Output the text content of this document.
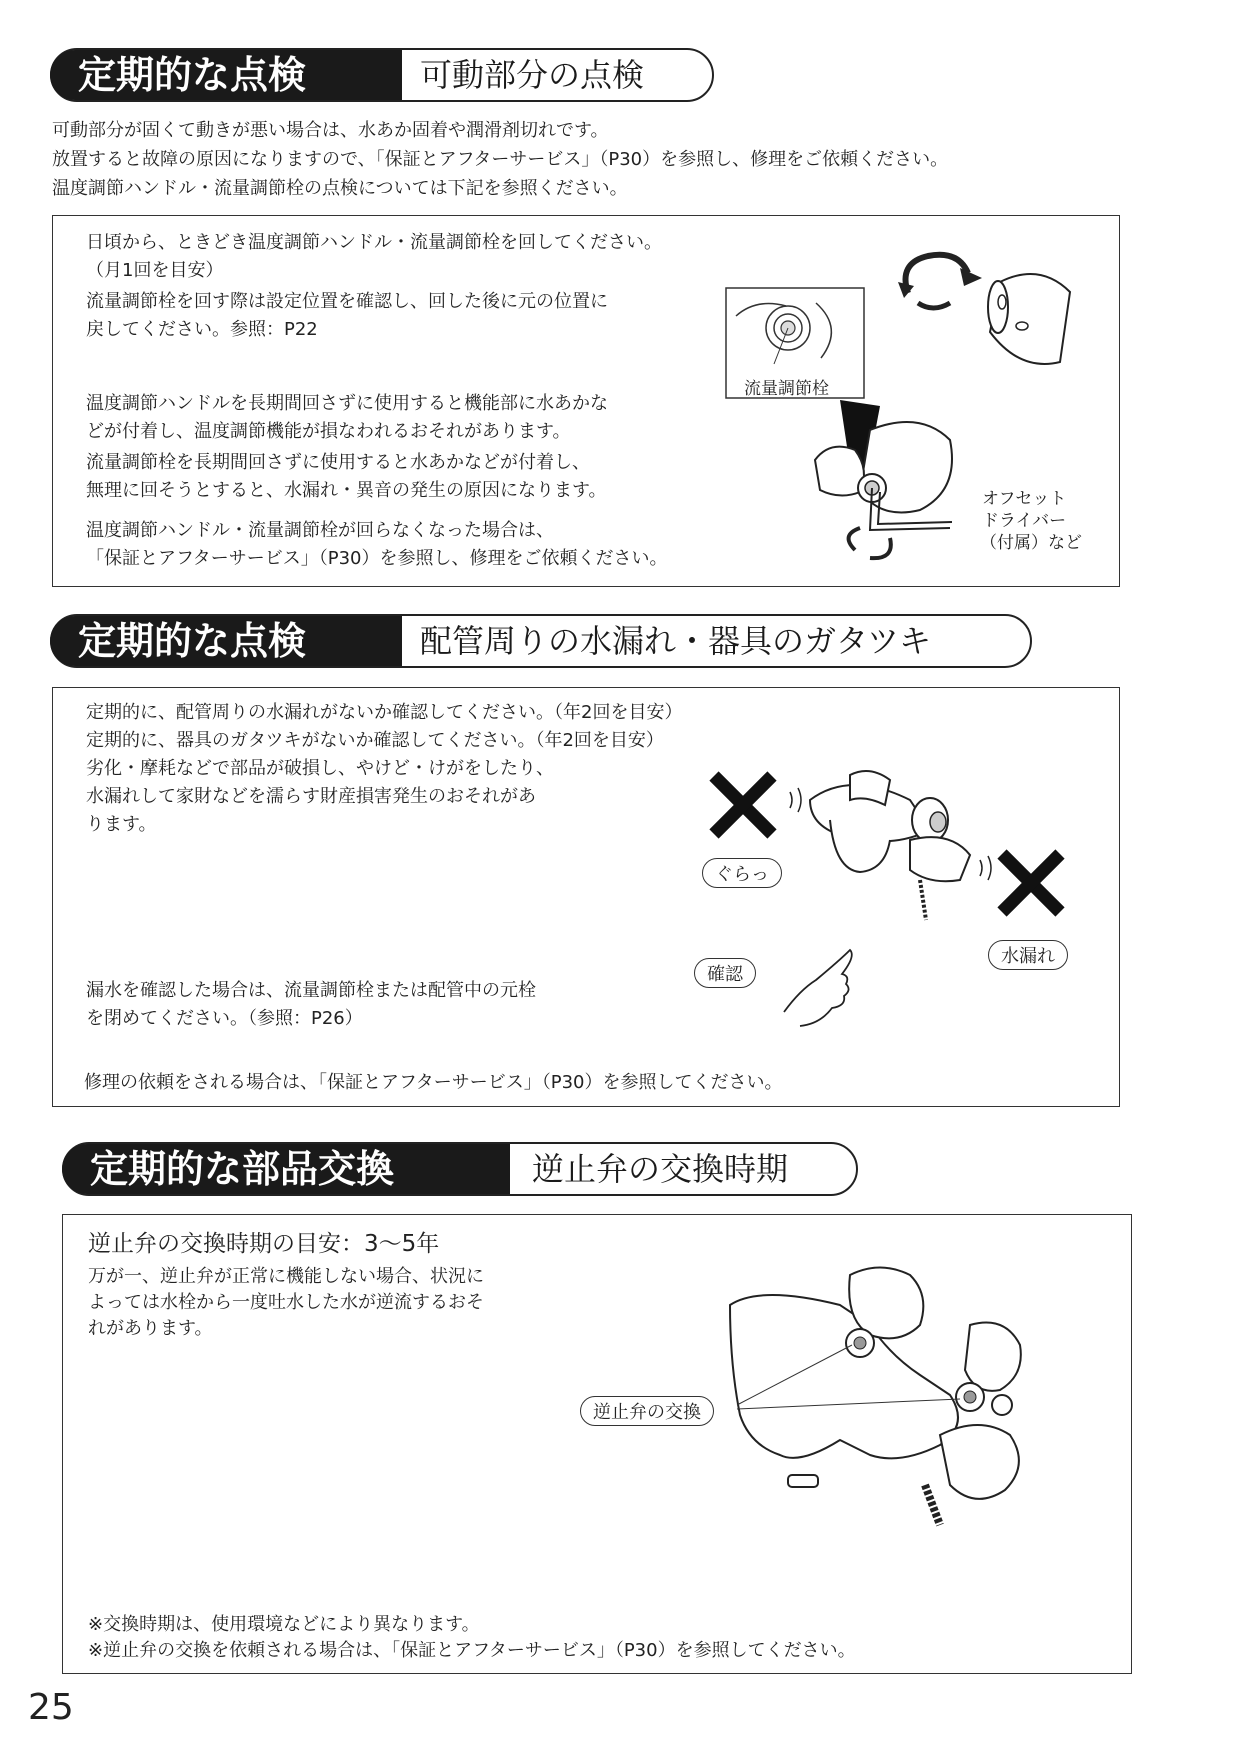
定期的な点検	可動部分の点検
可動部分が固くて動きが悪い場合は、水あか固着や潤滑剤切れです。
放置すると故障の原因になりますので、「保証とアフターサービス」（P30）を参照し、修理をご依頼ください。
温度調節ハンドル・流量調節栓の点検については下記を参照ください。
日頃から、ときどき温度調節ハンドル・流量調節栓を回してください。
（月1回を目安）
流量調節栓を回す際は設定位置を確認し、回した後に元の位置に
戻してください。参照：P22
温度調節ハンドルを長期間回さずに使用すると機能部に水あかな
どが付着し、温度調節機能が損なわれるおそれがあります。
流量調節栓を長期間回さずに使用すると水あかなどが付着し、
無理に回そうとすると、水漏れ・異音の発生の原因になります。
温度調節ハンドル・流量調節栓が回らなくなった場合は、
「保証とアフターサービス」（P30）を参照し、修理をご依頼ください。
流量調節栓
オフセット
ドライバー
（付属）など
定期的な点検	配管周りの水漏れ・器具のガタツキ
定期的に、配管周りの水漏れがないか確認してください。（年2回を目安）
定期的に、器具のガタツキがないか確認してください。（年2回を目安）
劣化・摩耗などで部品が破損し、やけど・けがをしたり、
水漏れして家財などを濡らす財産損害発生のおそれがあ
ります。
漏水を確認した場合は、流量調節栓または配管中の元栓
を閉めてください。（参照：P26）
修理の依頼をされる場合は、「保証とアフターサービス」（P30）を参照してください。
ぐらっ
水漏れ
確認
定期的な部品交換	逆止弁の交換時期
逆止弁の交換時期の目安：3〜5年
万が一、逆止弁が正常に機能しない場合、状況に
よっては水栓から一度吐水した水が逆流するおそ
れがあります。
逆止弁の交換
※交換時期は、使用環境などにより異なります。
※逆止弁の交換を依頼される場合は、「保証とアフターサービス」（P30）を参照してください。
25
